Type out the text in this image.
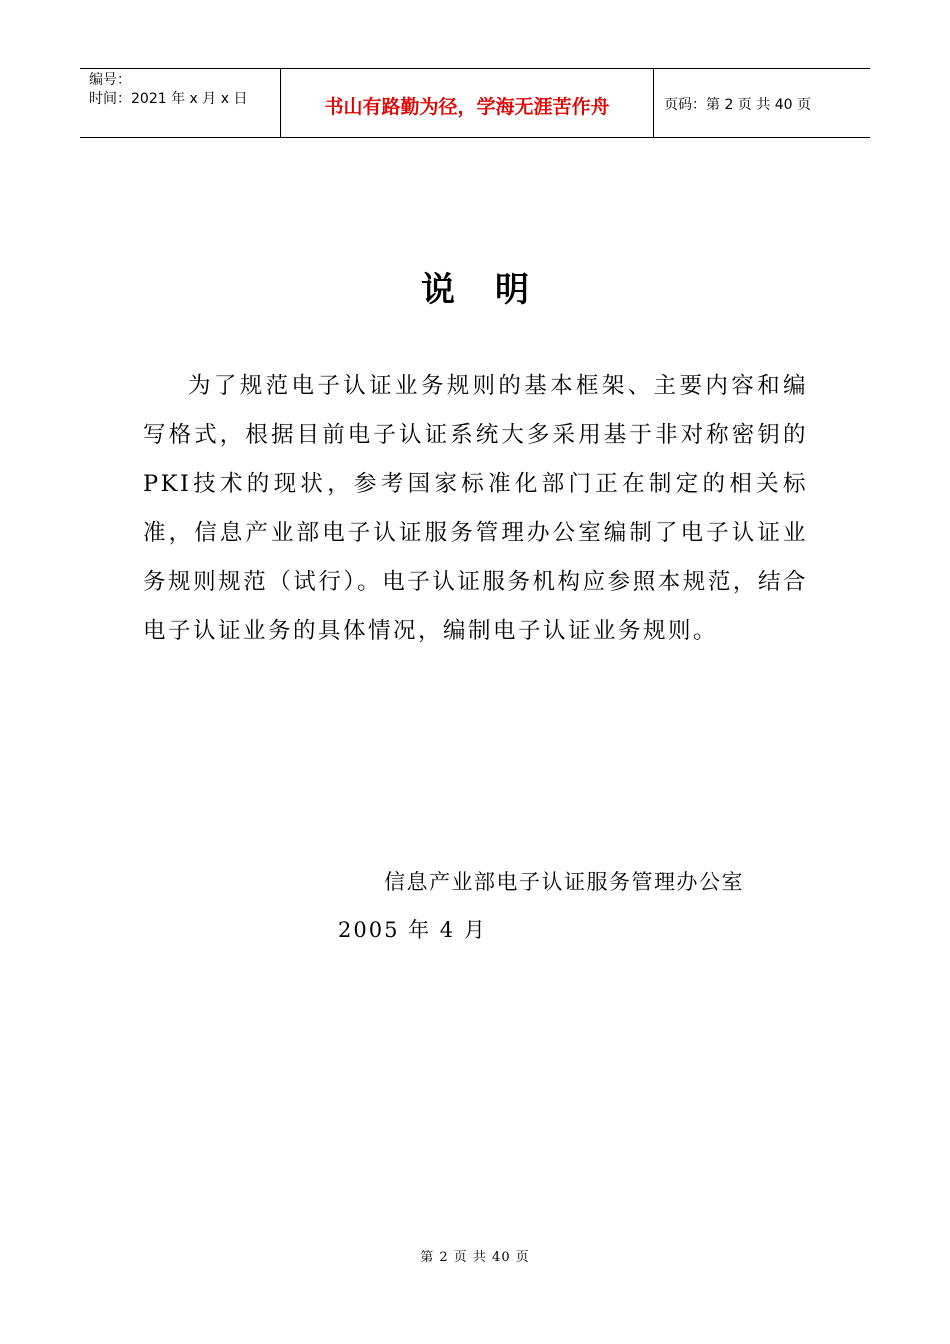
编号：
时间：2021 年 x 月 x 日	书山有路勤为径，学海无涯苦作舟	页码：第 2 页 共 40 页
说明
为了规范电子认证业务规则的基本框架、主要内容和编写格式，根据目前电子认证系统大多采用基于非对称密钥的PKI技术的现状，参考国家标准化部门正在制定的相关标准，信息产业部电子认证服务管理办公室编制了电子认证业务规则规范（试行）。电子认证服务机构应参照本规范，结合电子认证业务的具体情况，编制电子认证业务规则。
信息产业部电子认证服务管理办公室
2005 年 4 月
第 2 页 共 40 页
